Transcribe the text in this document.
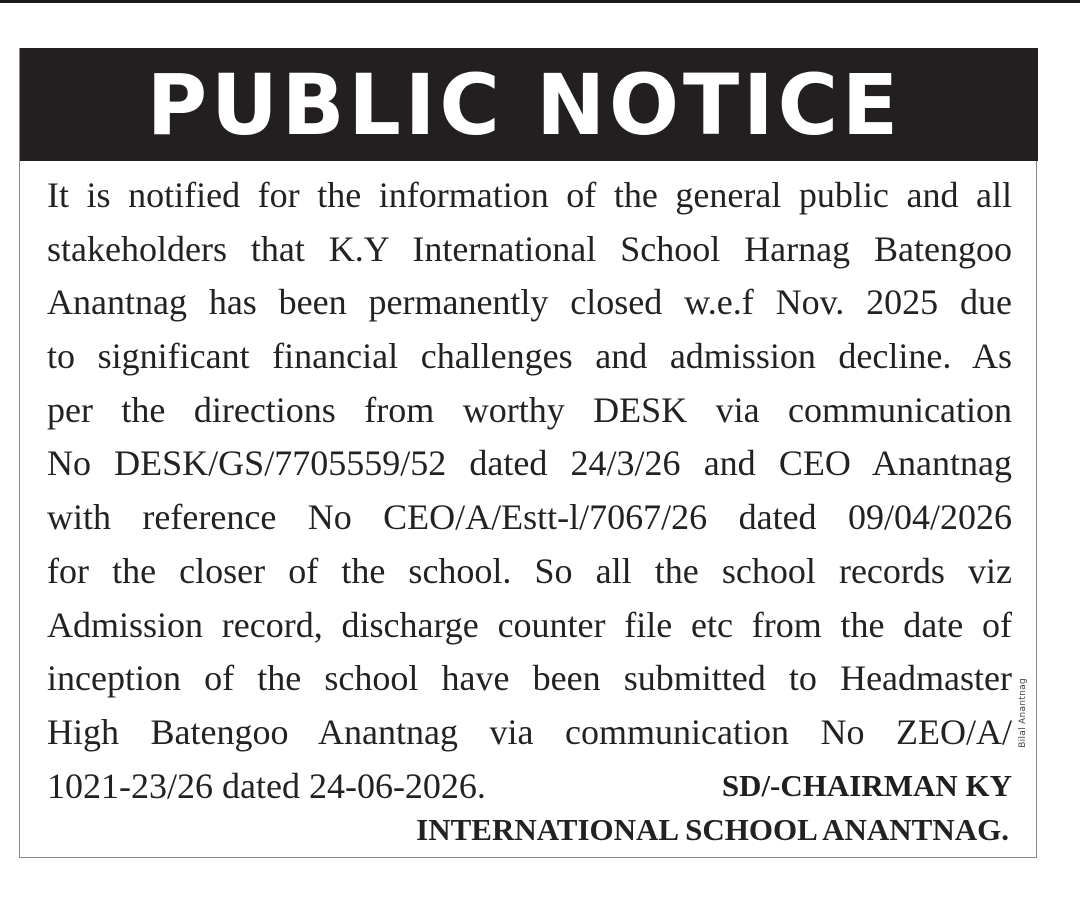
PUBLIC NOTICE
It is notified for the information of the general public and all
stakeholders that K.Y International School Harnag Batengoo
Anantnag has been permanently closed w.e.f Nov. 2025 due
to significant financial challenges and admission decline. As
per the directions from worthy DESK via communication
No DESK/GS/7705559/52 dated 24/3/26 and CEO Anantnag
with reference No CEO/A/Estt-l/7067/26 dated 09/04/2026
for the closer of the school. So all the school records viz
Admission record, discharge counter file etc from the date of
inception of the school have been submitted to Headmaster
High Batengoo Anantnag via communication No ZEO/A/
1021-23/26 dated 24-06-2026.	SD/-CHAIRMAN KY
INTERNATIONAL SCHOOL ANANTNAG.
Bilal Anantnag
